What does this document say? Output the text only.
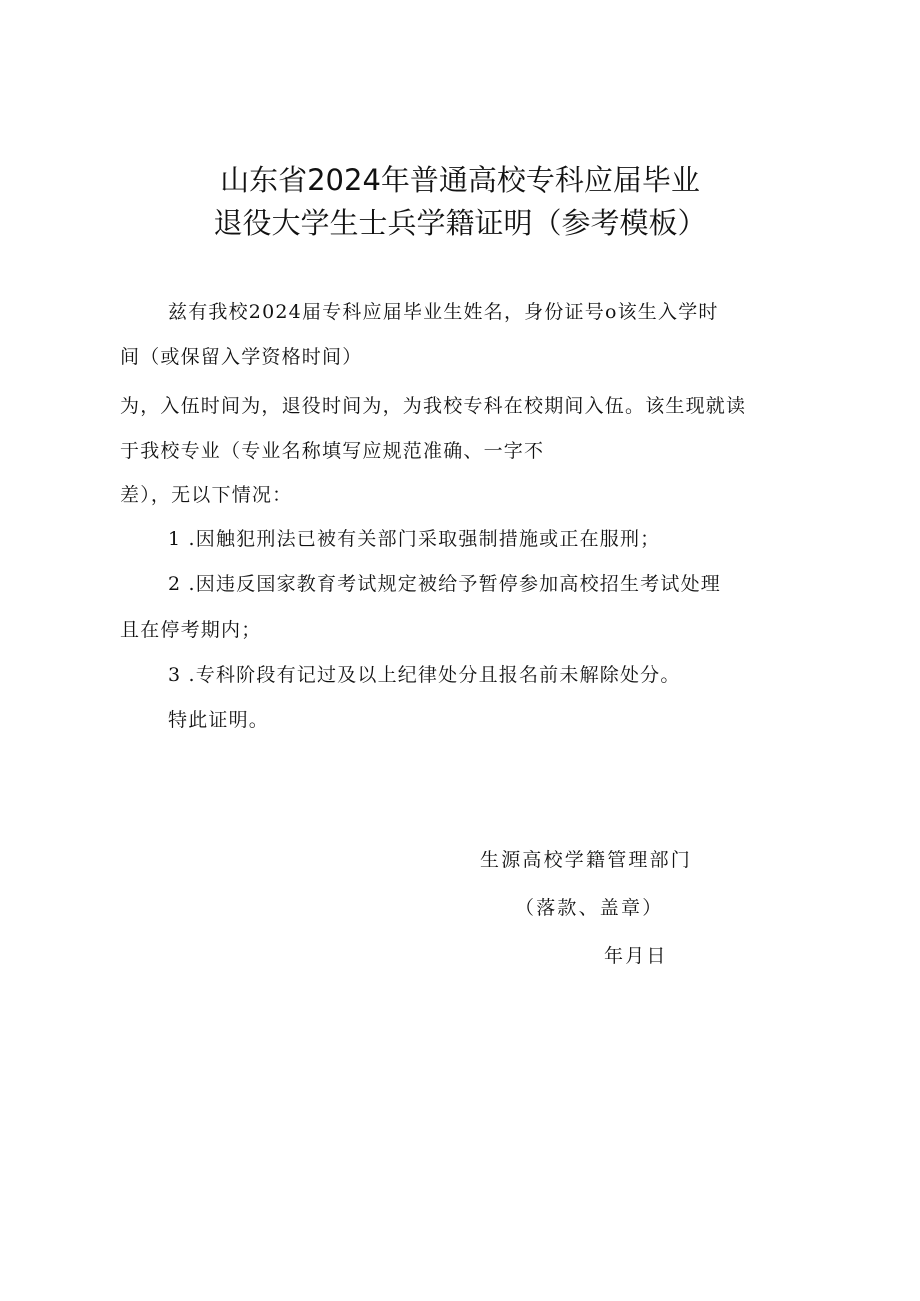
山东省2024年普通高校专科应届毕业
退役大学生士兵学籍证明（参考模板）
兹有我校2024届专科应届毕业生姓名，身份证号o该生入学时
间（或保留入学资格时间）
为，入伍时间为，退役时间为，为我校专科在校期间入伍。该生现就读
于我校专业（专业名称填写应规范准确、一字不
差），无以下情况：
1 .因触犯刑法已被有关部门采取强制措施或正在服刑；
2 .因违反国家教育考试规定被给予暂停参加高校招生考试处理
且在停考期内；
3 .专科阶段有记过及以上纪律处分且报名前未解除处分。
特此证明。
生源高校学籍管理部门
（落款、盖章）
年月日
